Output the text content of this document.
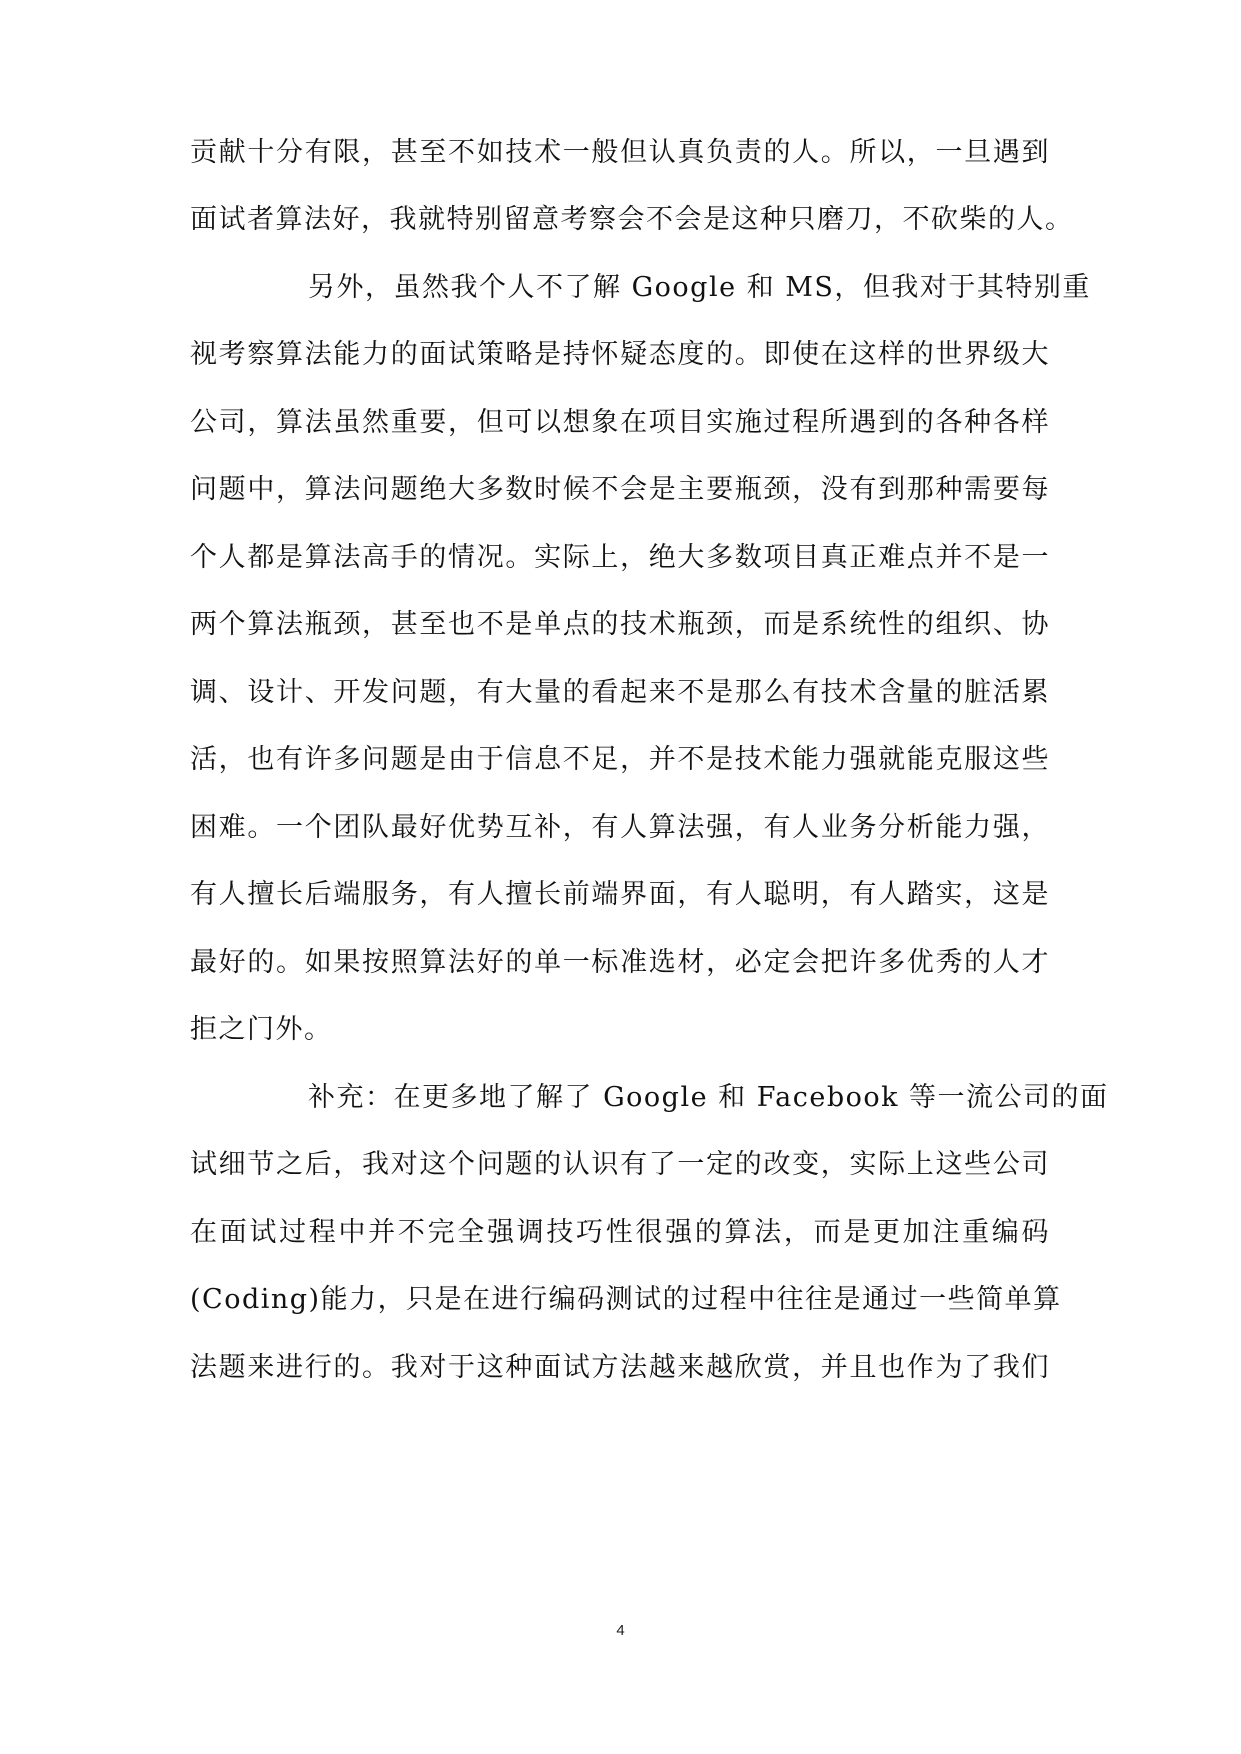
贡献十分有限，甚至不如技术一般但认真负责的人。所以，一旦遇到
面试者算法好，我就特别留意考察会不会是这种只磨刀，不砍柴的人。
另外，虽然我个人不了解 Google 和 MS，但我对于其特别重
视考察算法能力的面试策略是持怀疑态度的。即使在这样的世界级大
公司，算法虽然重要，但可以想象在项目实施过程所遇到的各种各样
问题中，算法问题绝大多数时候不会是主要瓶颈，没有到那种需要每
个人都是算法高手的情况。实际上，绝大多数项目真正难点并不是一
两个算法瓶颈，甚至也不是单点的技术瓶颈，而是系统性的组织、协
调、设计、开发问题，有大量的看起来不是那么有技术含量的脏活累
活，也有许多问题是由于信息不足，并不是技术能力强就能克服这些
困难。一个团队最好优势互补，有人算法强，有人业务分析能力强，
有人擅长后端服务，有人擅长前端界面，有人聪明，有人踏实，这是
最好的。如果按照算法好的单一标准选材，必定会把许多优秀的人才
拒之门外。
补充：在更多地了解了 Google 和 Facebook 等一流公司的面
试细节之后，我对这个问题的认识有了一定的改变，实际上这些公司
在面试过程中并不完全强调技巧性很强的算法，而是更加注重编码
(Coding)能力，只是在进行编码测试的过程中往往是通过一些简单算
法题来进行的。我对于这种面试方法越来越欣赏，并且也作为了我们
4
